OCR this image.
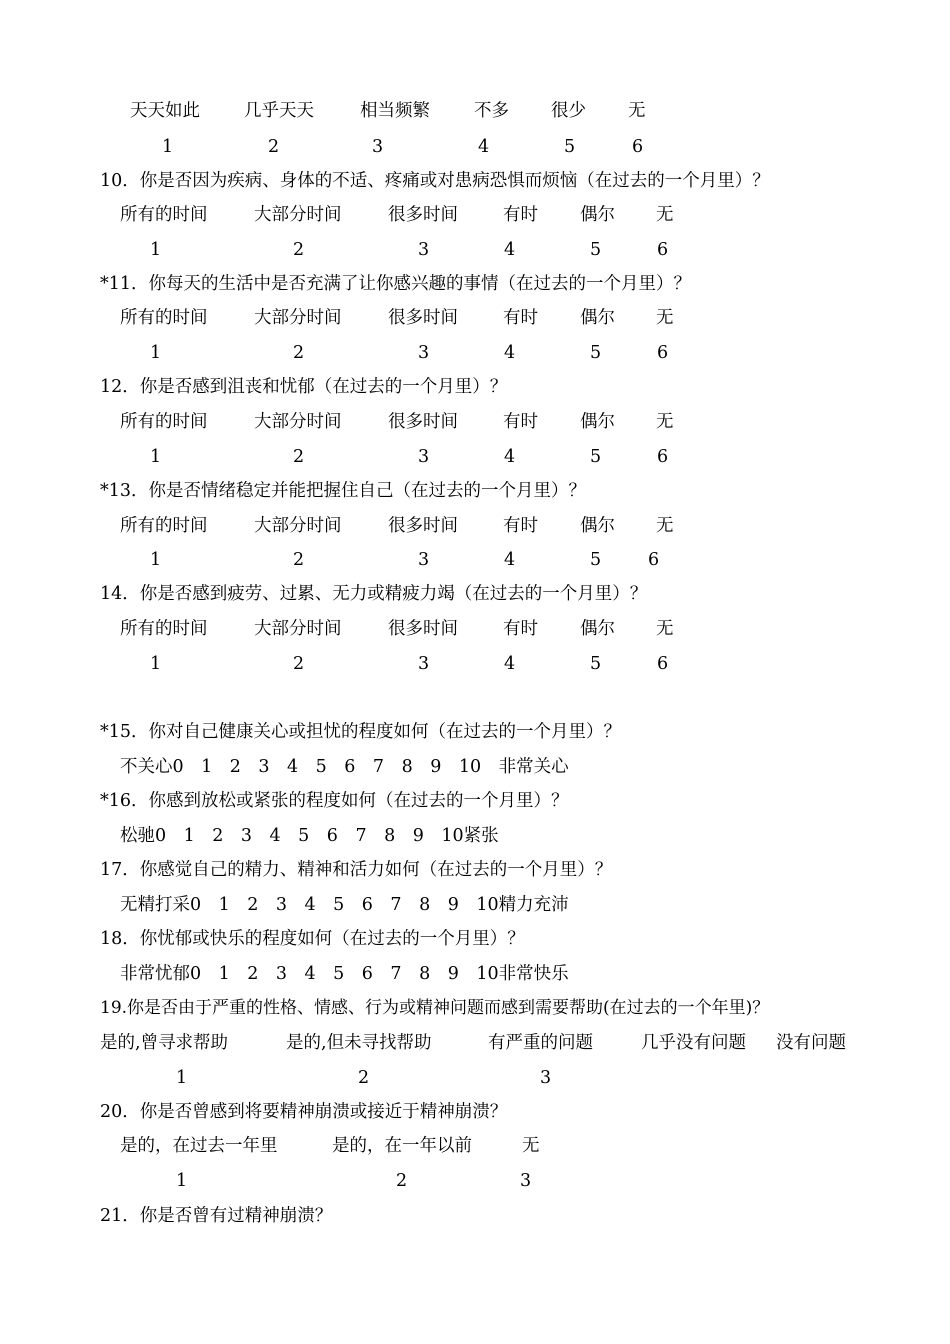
天天如此	几乎天天	相当频繁	不多 很少 无
1	2	3	4	5	6
10．你是否因为疾病、身体的不适、疼痛或对患病恐惧而烦恼（在过去的一个月里）？
所有的时间	大部分时间	很多时间	有时 偶尔 无
1	2	3	4	5	6
*11．你每天的生活中是否充满了让你感兴趣的事情（在过去的一个月里）？
所有的时间	大部分时间	很多时间	有时 偶尔 无
1	2	3	4	5	6
12．你是否感到沮丧和忧郁（在过去的一个月里）？
所有的时间	大部分时间	很多时间	有时 偶尔 无
1	2	3	4	5	6
*13．你是否情绪稳定并能把握住自己（在过去的一个月里）？
所有的时间	大部分时间	很多时间	有时 偶尔 无
1	2	3	4	5	6
14．你是否感到疲劳、过累、无力或精疲力竭（在过去的一个月里）？
所有的时间	大部分时间	很多时间	有时 偶尔 无
1	2	3	4	5	6
*15．你对自己健康关心或担忧的程度如何（在过去的一个月里）？
不关心0　1　2　3　4　5　6　7　8　9　10　非常关心
*16．你感到放松或紧张的程度如何（在过去的一个月里）？
松驰0　1　2　3　4　5　6　7　8　9　10紧张
17．你感觉自己的精力、精神和活力如何（在过去的一个月里）？
无精打采0　1　2　3　4　5　6　7　8　9　10精力充沛
18．你忧郁或快乐的程度如何（在过去的一个月里）？
非常忧郁0　1　2　3　4　5　6　7　8　9　10非常快乐
19.你是否由于严重的性格、情感、行为或精神问题而感到需要帮助(在过去的一个年里)？
是的,曾寻求帮助	是的,但未寻找帮助	有严重的问题	几乎没有问题 没有问题
1	2	3
20．你是否曾感到将要精神崩溃或接近于精神崩溃？
是的，在过去一年里	是的，在一年以前	无
1	2	3
21．你是否曾有过精神崩溃？
